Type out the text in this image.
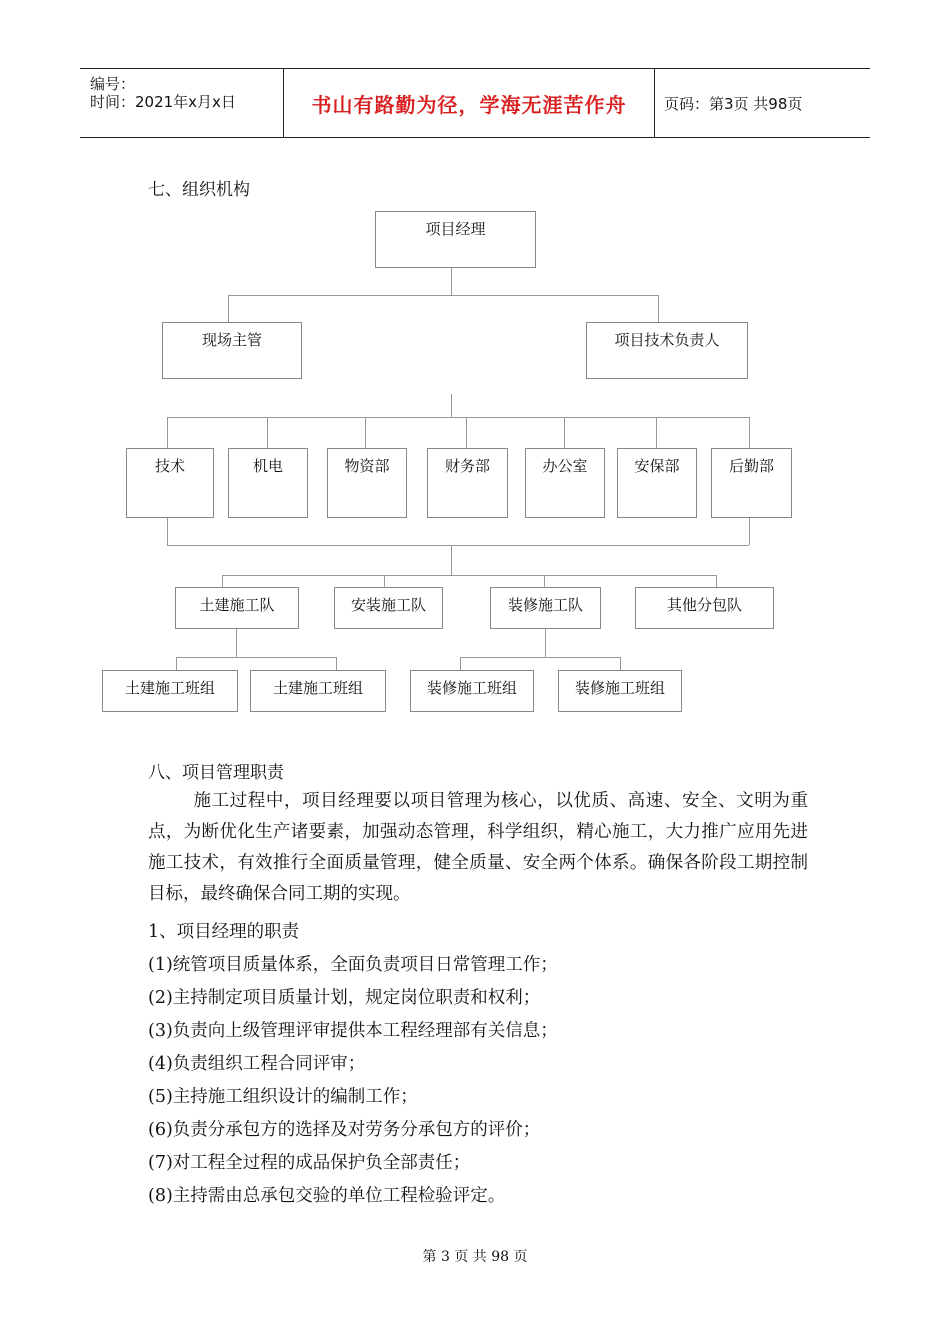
编号：
时间：2021年x月x日	书山有路勤为径，学海无涯苦作舟	页码：第3页 共98页
七、组织机构
项目经理
现场主管	项目技术负责人
技术	机电	物资部	财务部	办公室	安保部	后勤部
土建施工队	安装施工队	装修施工队	其他分包队
土建施工班组	土建施工班组	装修施工班组	装修施工班组
八、项目管理职责
施工过程中，项目经理要以项目管理为核心，以优质、高速、安全、文明为重点，为断优化生产诸要素，加强动态管理，科学组织，精心施工，大力推广应用先进施工技术，有效推行全面质量管理，健全质量、安全两个体系。确保各阶段工期控制目标，最终确保合同工期的实现。
1、项目经理的职责
(1)统管项目质量体系，全面负责项目日常管理工作；
(2)主持制定项目质量计划，规定岗位职责和权利；
(3)负责向上级管理评审提供本工程经理部有关信息；
(4)负责组织工程合同评审；
(5)主持施工组织设计的编制工作；
(6)负责分承包方的选择及对劳务分承包方的评价；
(7)对工程全过程的成品保护负全部责任；
(8)主持需由总承包交验的单位工程检验评定。
第 3 页 共 98 页
